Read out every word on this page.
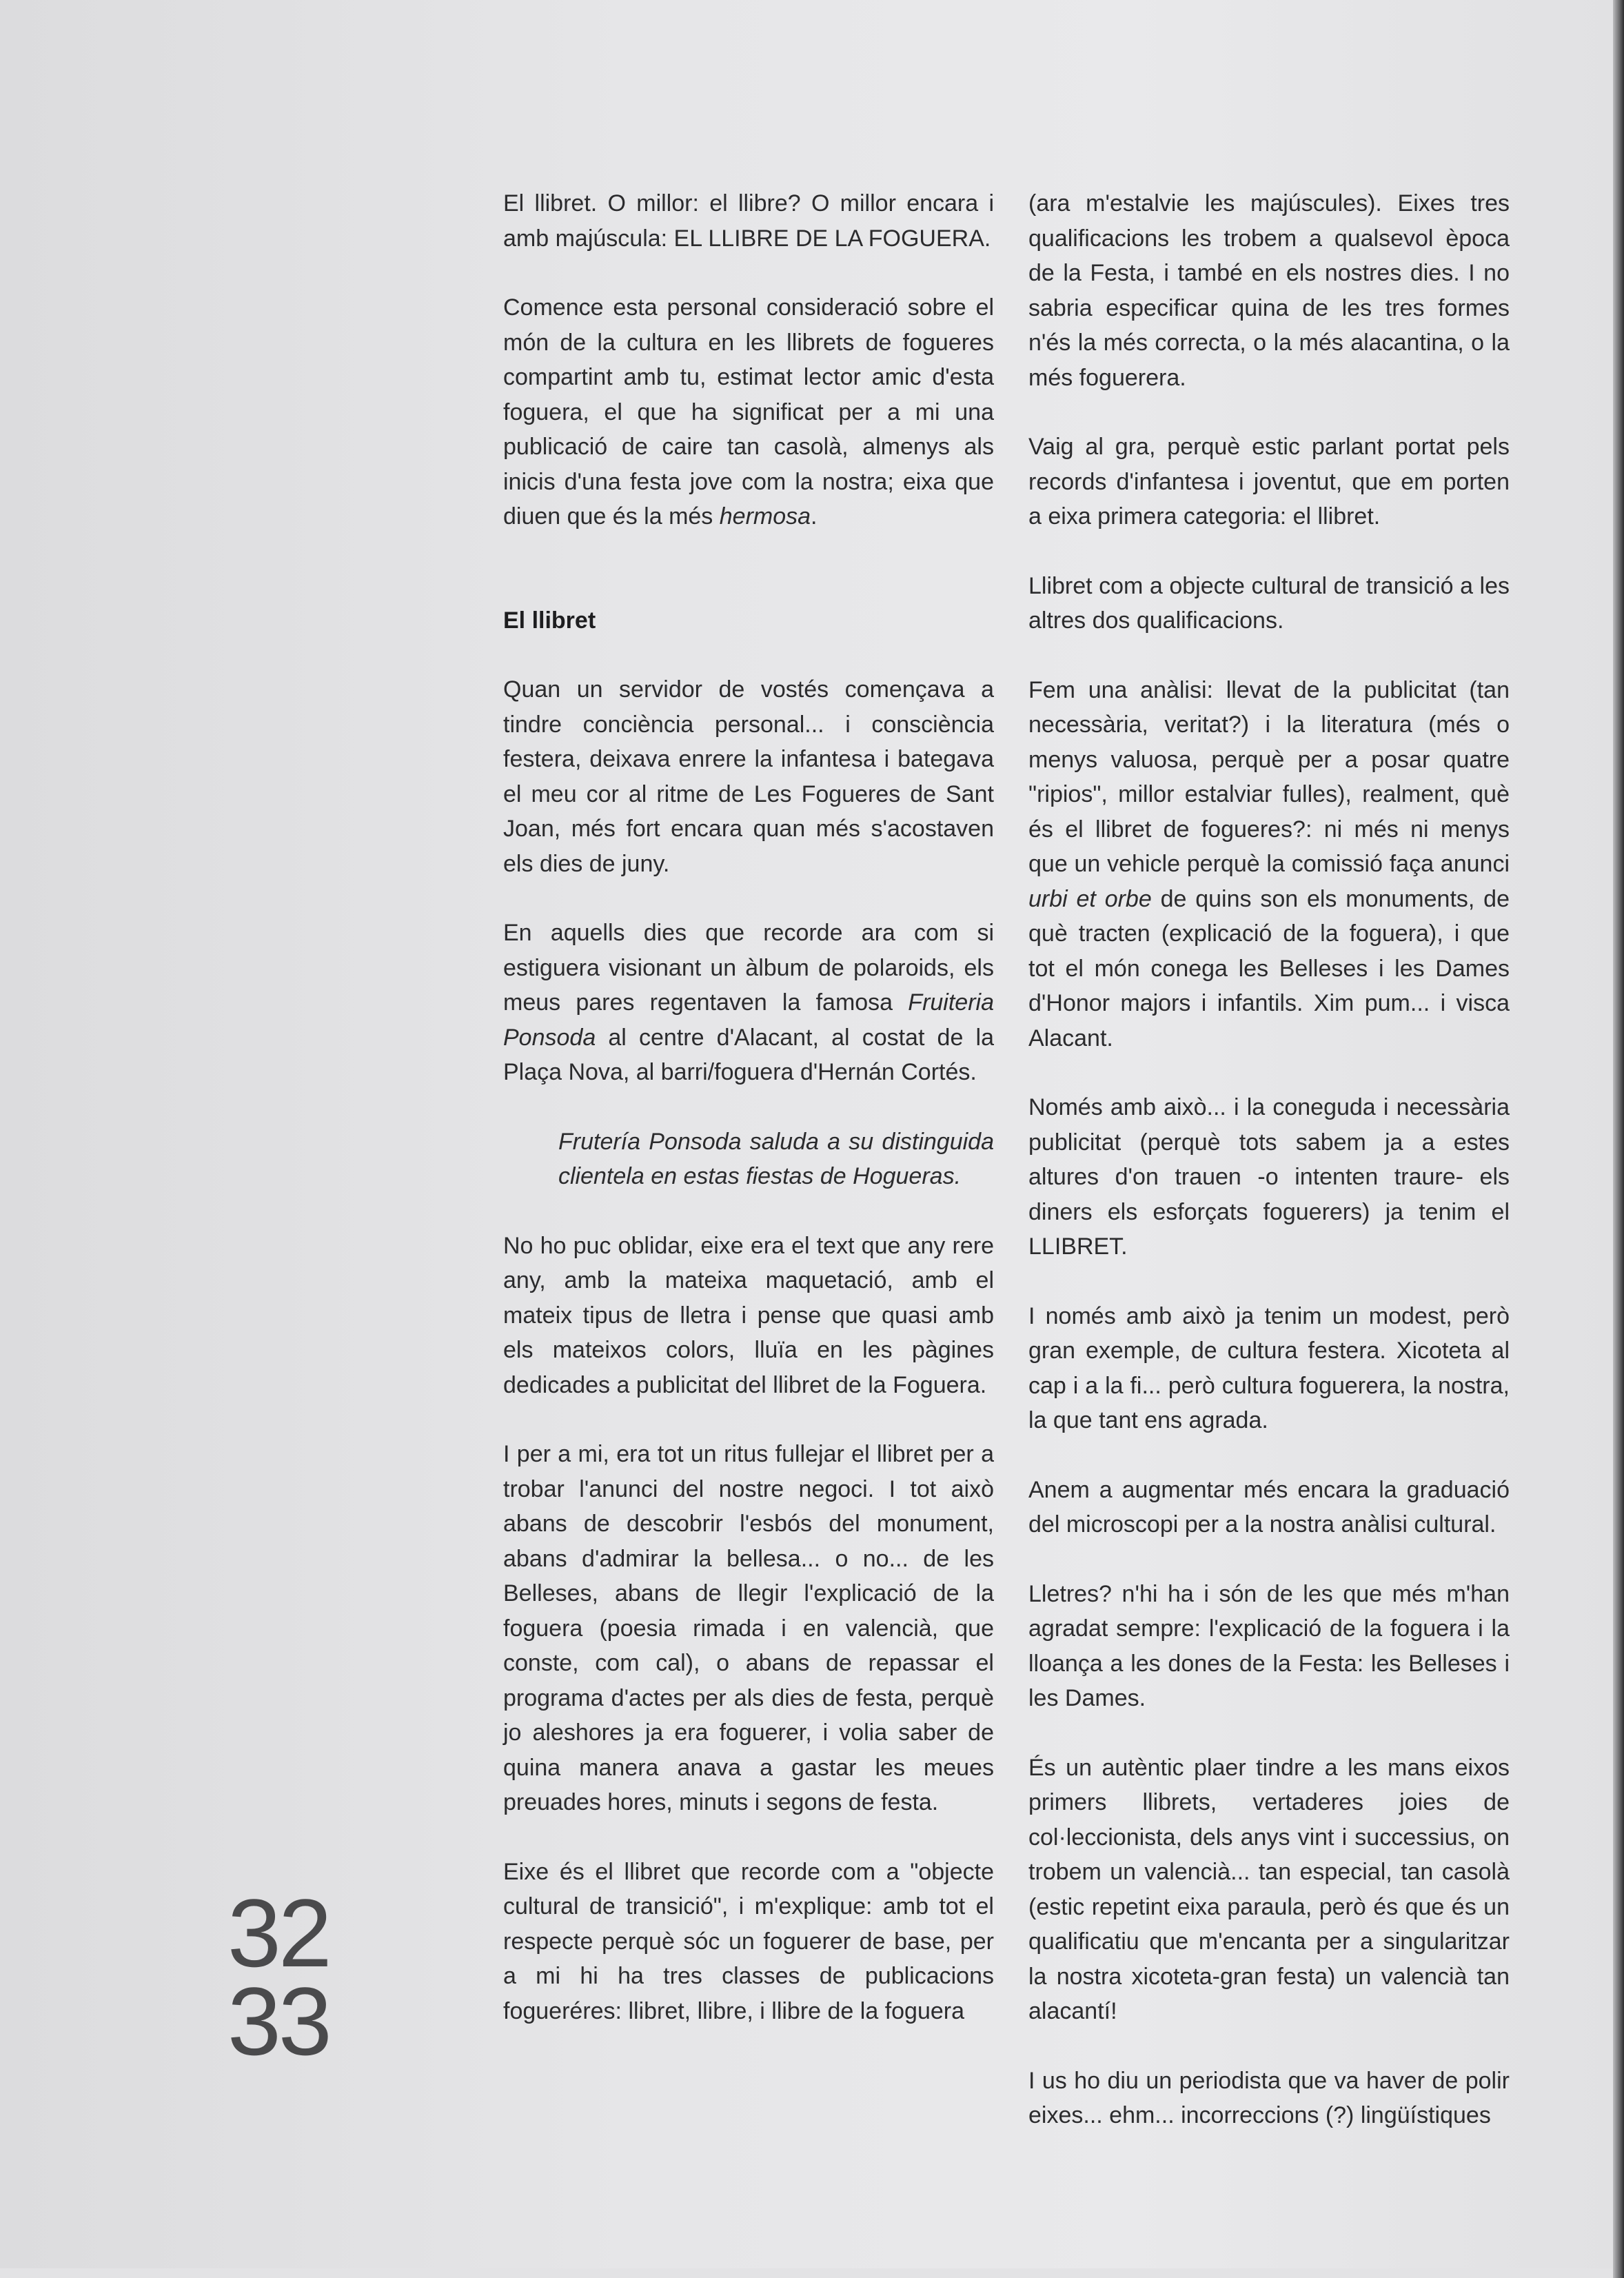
El llibret. O millor: el llibre? O millor encara i amb majúscula: EL LLIBRE DE LA FOGUERA.

Comence esta personal consideració sobre el món de la cultura en les llibrets de fogueres compartint amb tu, estimat lector amic d'esta foguera, el que ha significat per a mi una publicació de caire tan casolà, almenys als inicis d'una festa jove com la nostra; eixa que diuen que és la més hermosa.

El llibret

Quan un servidor de vostés començava a tindre conciència personal... i consciència festera, deixava enrere la infantesa i bategava el meu cor al ritme de Les Fogueres de Sant Joan, més fort encara quan més s'acostaven els dies de juny.

En aquells dies que recorde ara com si estiguera visionant un àlbum de polaroids, els meus pares regentaven la famosa Fruiteria Ponsoda al centre d'Alacant, al costat de la Plaça Nova, al barri/foguera d'Hernán Cortés.

Frutería Ponsoda saluda a su distinguida clientela en estas fiestas de Hogueras.

No ho puc oblidar, eixe era el text que any rere any, amb la mateixa maquetació, amb el mateix tipus de lletra i pense que quasi amb els mateixos colors, lluïa en les pàgines dedicades a publicitat del llibret de la Foguera.

I per a mi, era tot un ritus fullejar el llibret per a trobar l'anunci del nostre negoci. I tot això abans de descobrir l'esbós del monument, abans d'admirar la bellesa... o no... de les Belleses, abans de llegir l'explicació de la foguera (poesia rimada i en valencià, que conste, com cal), o abans de repassar el programa d'actes per als dies de festa, perquè jo aleshores ja era foguerer, i volia saber de quina manera anava a gastar les meues preuades hores, minuts i segons de festa.

Eixe és el llibret que recorde com a "objecte cultural de transició", i m'explique: amb tot el respecte perquè sóc un foguerer de base, per a mi hi ha tres classes de publicacions fogueréres: llibret, llibre, i llibre de la foguera

(ara m'estalvie les majúscules). Eixes tres qualificacions les trobem a qualsevol època de la Festa, i també en els nostres dies. I no sabria especificar quina de les tres formes n'és la més correcta, o la més alacantina, o la més foguerera.

Vaig al gra, perquè estic parlant portat pels records d'infantesa i joventut, que em porten a eixa primera categoria: el llibret.

Llibret com a objecte cultural de transició a les altres dos qualificacions.

Fem una anàlisi: llevat de la publicitat (tan necessària, veritat?) i la literatura (més o menys valuosa, perquè per a posar quatre "ripios", millor estalviar fulles), realment, què és el llibret de fogueres?: ni més ni menys que un vehicle perquè la comissió faça anunci urbi et orbe de quins son els monuments, de què tracten (explicació de la foguera), i que tot el món conega les Belleses i les Dames d'Honor majors i infantils. Xim pum... i visca Alacant.

Només amb això... i la coneguda i necessària publicitat (perquè tots sabem ja a estes altures d'on trauen -o intenten traure- els diners els esforçats foguerers) ja tenim el LLIBRET.

I només amb això ja tenim un modest, però gran exemple, de cultura festera. Xicoteta al cap i a la fi... però cultura foguerera, la nostra, la que tant ens agrada.

Anem a augmentar més encara la graduació del microscopi per a la nostra anàlisi cultural.

Lletres? n'hi ha i són de les que més m'han agradat sempre: l'explicació de la foguera i la lloança a les dones de la Festa: les Belleses i les Dames.

És un autèntic plaer tindre a les mans eixos primers llibrets, vertaderes joies de col·leccionista, dels anys vint i successius, on trobem un valencià... tan especial, tan casolà (estic repetint eixa paraula, però és que és un qualificatiu que m'encanta per a singularitzar la nostra xicoteta-gran festa) un valencià tan alacantí!

I us ho diu un periodista que va haver de polir eixes... ehm... incorreccions (?) lingüístiques

32
33
